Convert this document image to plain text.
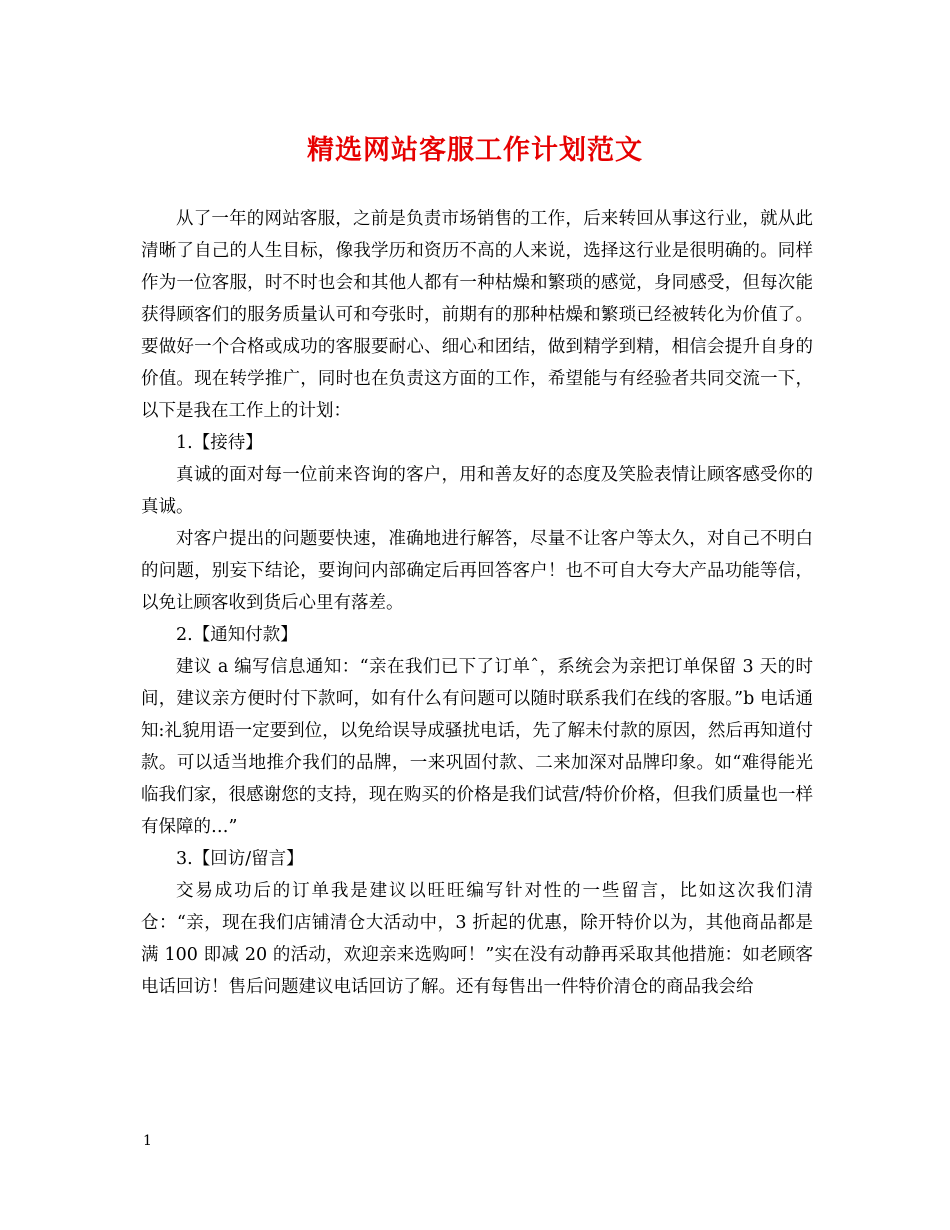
精选网站客服工作计划范文

从了一年的网站客服，之前是负责市场销售的工作，后来转回从事这行业，就从此清晰了自己的人生目标，像我学历和资历不高的人来说，选择这行业是很明确的。同样作为一位客服，时不时也会和其他人都有一种枯燥和繁琐的感觉，身同感受，但每次能获得顾客们的服务质量认可和夸张时，前期有的那种枯燥和繁琐已经被转化为价值了。要做好一个合格或成功的客服要耐心、细心和团结，做到精学到精，相信会提升自身的价值。现在转学推广，同时也在负责这方面的工作，希望能与有经验者共同交流一下，以下是我在工作上的计划：

1.【接待】

真诚的面对每一位前来咨询的客户，用和善友好的态度及笑脸表情让顾客感受你的真诚。

对客户提出的问题要快速，准确地进行解答，尽量不让客户等太久，对自己不明白的问题，别妄下结论，要询问内部确定后再回答客户！也不可自大夸大产品功能等信，以免让顾客收到货后心里有落差。

2.【通知付款】

建议 a 编写信息通知：“亲在我们已下了订单ˆ，系统会为亲把订单保留 3 天的时间，建议亲方便时付下款呵，如有什么有问题可以随时联系我们在线的客服。”b 电话通知:礼貌用语一定要到位，以免给误导成骚扰电话，先了解未付款的原因，然后再知道付款。可以适当地推介我们的品牌，一来巩固付款、二来加深对品牌印象。如“难得能光临我们家，很感谢您的支持，现在购买的价格是我们试营/特价价格，但我们质量也一样有保障的…”

3.【回访/留言】

交易成功后的订单我是建议以旺旺编写针对性的一些留言，比如这次我们清仓：“亲，现在我们店铺清仓大活动中，3 折起的优惠，除开特价以为，其他商品都是满 100 即减 20 的活动，欢迎亲来选购呵！”实在没有动静再采取其他措施：如老顾客电话回访！售后问题建议电话回访了解。还有每售出一件特价清仓的商品我会给

1
